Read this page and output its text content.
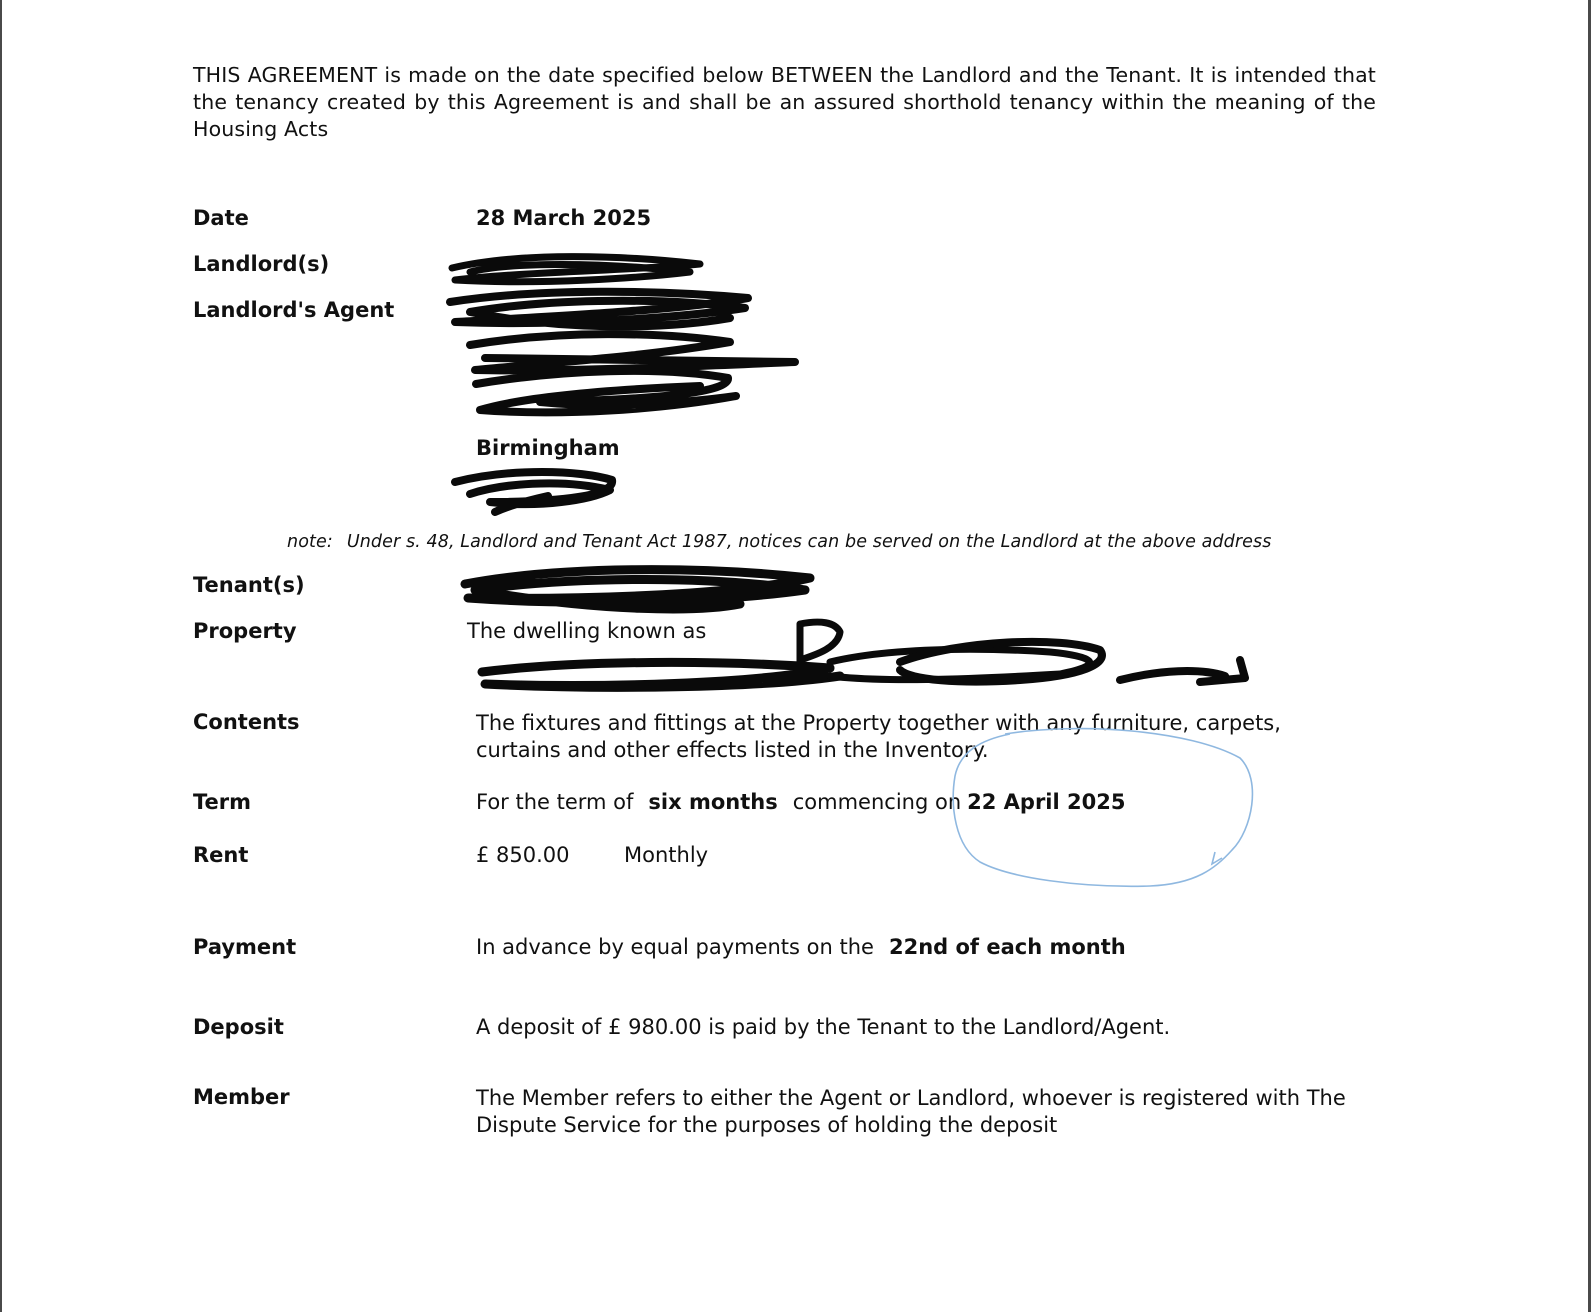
THIS AGREEMENT is made on the date specified below BETWEEN the Landlord and the Tenant. It is intended that the tenancy created by this Agreement is and shall be an assured shorthold tenancy within the meaning of the Housing Acts
Date	28 March 2025
Landlord(s)
Landlord's Agent
Birmingham
note: Under s. 48, Landlord and Tenant Act 1987, notices can be served on the Landlord at the above address
Tenant(s)
Property	The dwelling known as
Contents	The fixtures and fittings at the Property together with any furniture, carpets, curtains and other effects listed in the Inventory.
Term	For the term of six months commencing on 22 April 2025
Rent	£ 850.00	Monthly
Payment	In advance by equal payments on the 22nd of each month
Deposit	A deposit of £ 980.00 is paid by the Tenant to the Landlord/Agent.
Member	The Member refers to either the Agent or Landlord, whoever is registered with The Dispute Service for the purposes of holding the deposit
